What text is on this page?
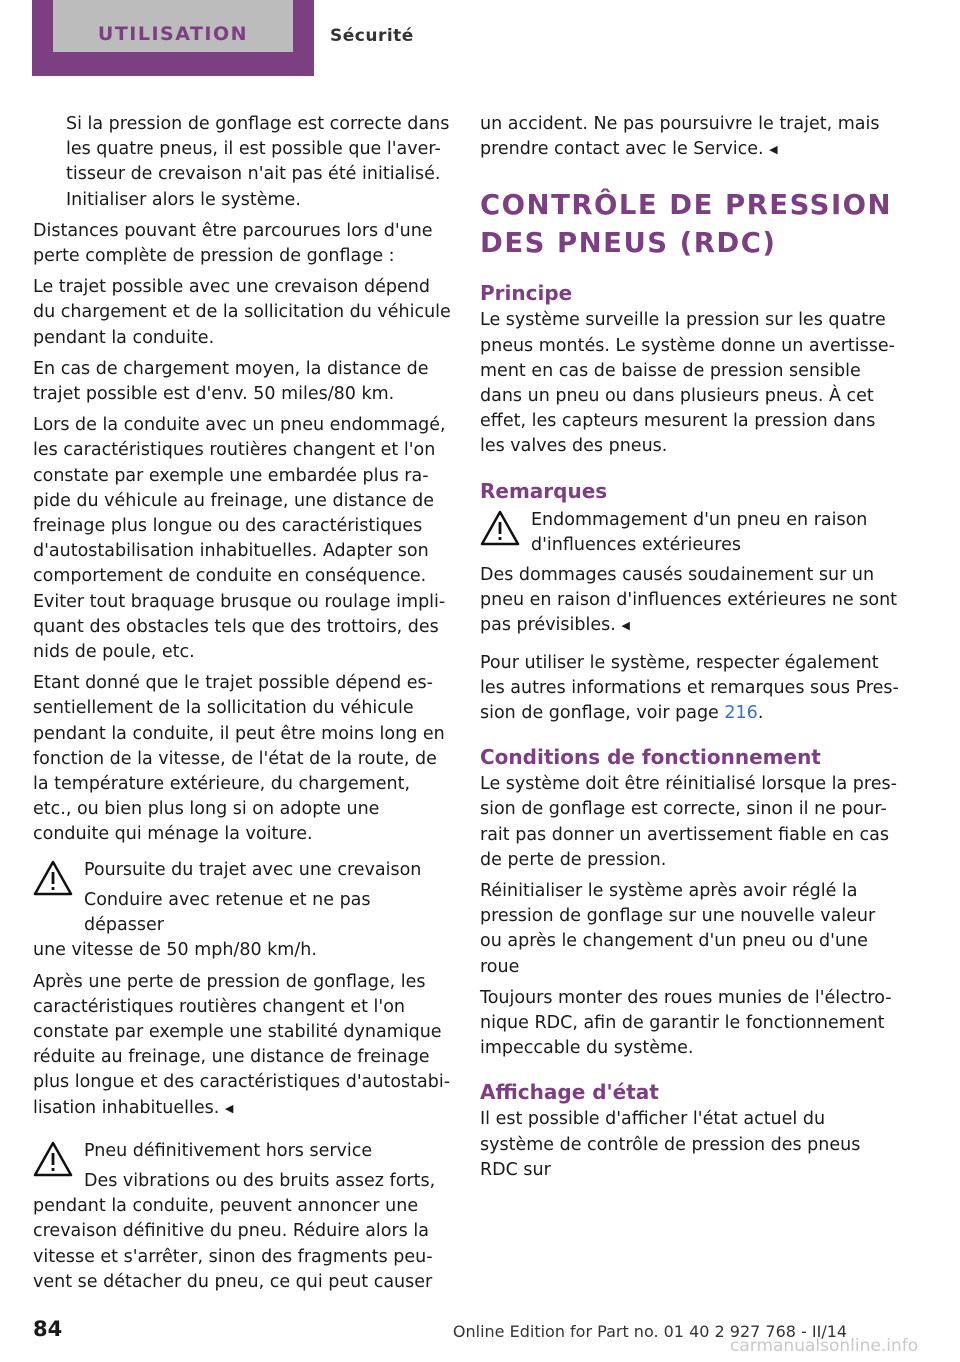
UTILISATION	Sécurité

Si la pression de gonflage est correcte dans les quatre pneus, il est possible que l'aver-tisseur de crevaison n'ait pas été initialisé. Initialiser alors le système.

Distances pouvant être parcourues lors d'une perte complète de pression de gonflage :

Le trajet possible avec une crevaison dépend du chargement et de la sollicitation du véhicule pendant la conduite.

En cas de chargement moyen, la distance de trajet possible est d'env. 50 miles/80 km.

Lors de la conduite avec un pneu endommagé, les caractéristiques routières changent et l'on constate par exemple une embardée plus ra-pide du véhicule au freinage, une distance de freinage plus longue ou des caractéristiques d'autostabilisation inhabituelles. Adapter son comportement de conduite en conséquence. Eviter tout braquage brusque ou roulage impli-quant des obstacles tels que des trottoirs, des nids de poule, etc.

Etant donné que le trajet possible dépend es-sentiellement de la sollicitation du véhicule pendant la conduite, il peut être moins long en fonction de la vitesse, de l'état de la route, de la température extérieure, du chargement, etc., ou bien plus long si on adopte une conduite qui ménage la voiture.

Poursuite du trajet avec une crevaison

Conduire avec retenue et ne pas dépasser

une vitesse de 50 mph/80 km/h.

Après une perte de pression de gonflage, les caractéristiques routières changent et l'on constate par exemple une stabilité dynamique réduite au freinage, une distance de freinage plus longue et des caractéristiques d'autostabi-lisation inhabituelles. ◀

Pneu définitivement hors service

Des vibrations ou des bruits assez forts,

pendant la conduite, peuvent annoncer une crevaison définitive du pneu. Réduire alors la vitesse et s'arrêter, sinon des fragments peu-vent se détacher du pneu, ce qui peut causer

un accident. Ne pas poursuivre le trajet, mais prendre contact avec le Service. ◀

CONTRÔLE DE PRESSION DES PNEUS (RDC)
Principe

Le système surveille la pression sur les quatre pneus montés. Le système donne un avertisse-ment en cas de baisse de pression sensible dans un pneu ou dans plusieurs pneus. À cet effet, les capteurs mesurent la pression dans les valves des pneus.

Remarques

Endommagement d'un pneu en raison

d'influences extérieures

Des dommages causés soudainement sur un pneu en raison d'influences extérieures ne sont pas prévisibles. ◀

Pour utiliser le système, respecter également les autres informations et remarques sous Pres-sion de gonflage, voir page 216.

Conditions de fonctionnement

Le système doit être réinitialisé lorsque la pres-sion de gonflage est correcte, sinon il ne pour-rait pas donner un avertissement fiable en cas de perte de pression.

Réinitialiser le système après avoir réglé la pression de gonflage sur une nouvelle valeur ou après le changement d'un pneu ou d'une roue

Toujours monter des roues munies de l'électro-nique RDC, afin de garantir le fonctionnement impeccable du système.

Affichage d'état

Il est possible d'afficher l'état actuel du système de contrôle de pression des pneus RDC sur

84	Online Edition for Part no. 01 40 2 927 768 - II/14
carmanualsonline.info
